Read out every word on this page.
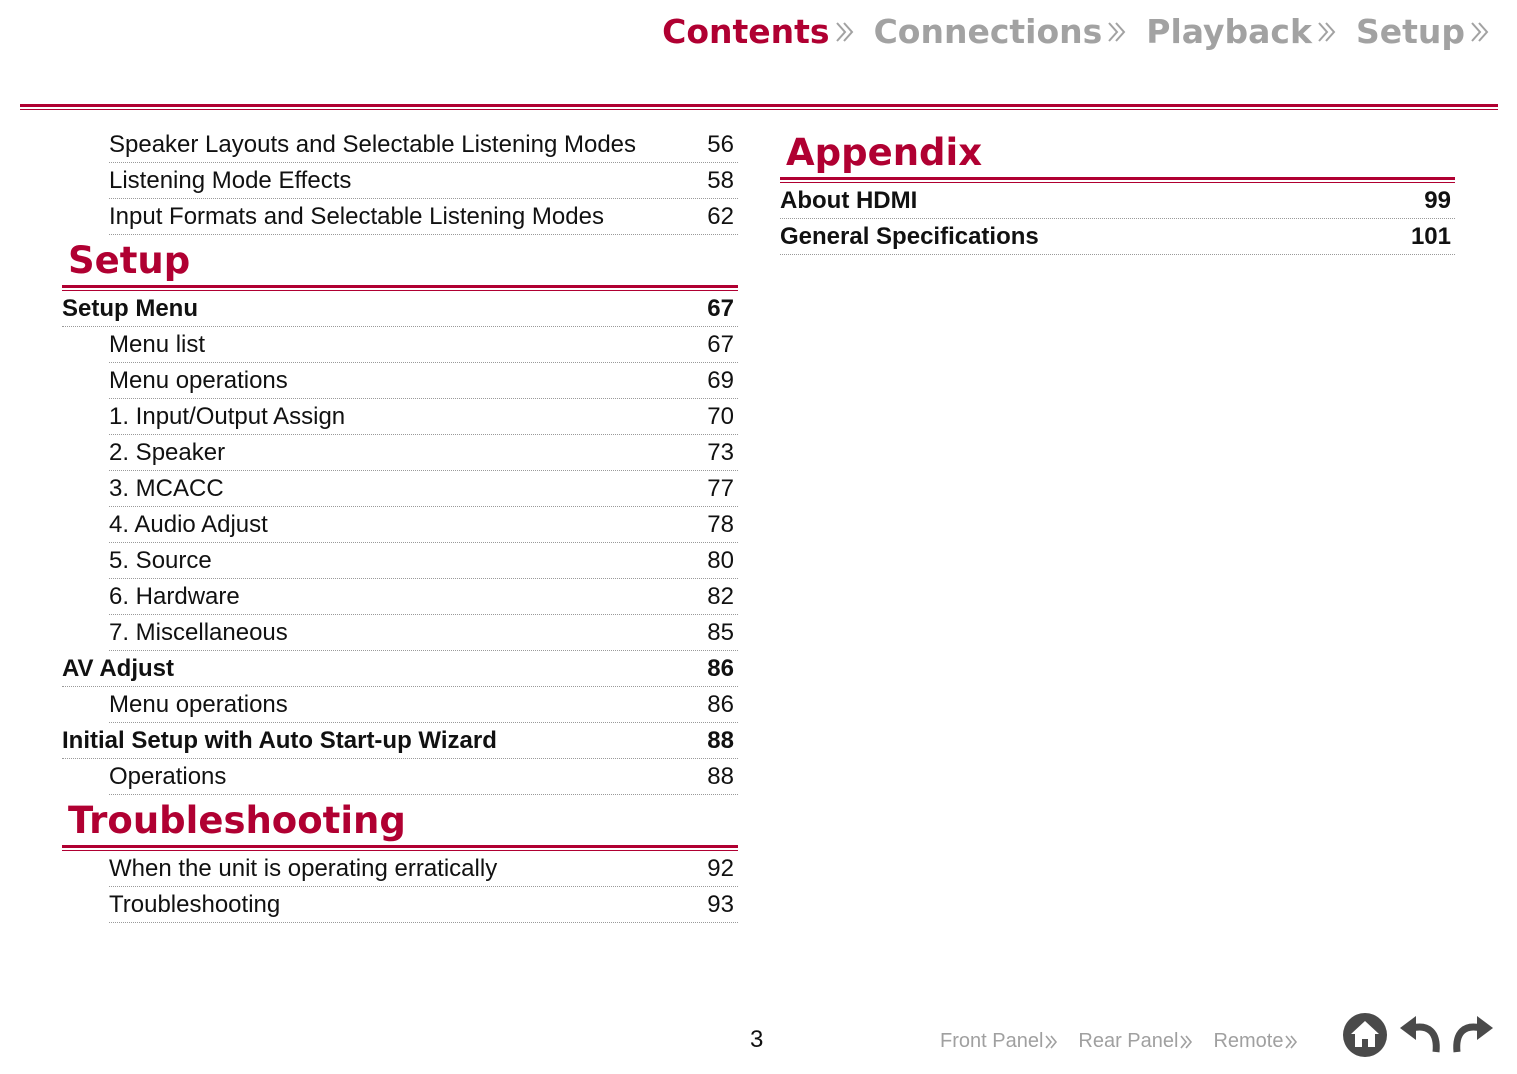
Contents Connections Playback Setup
Speaker Layouts and Selectable Listening Modes	56
Listening Mode Effects	58
Input Formats and Selectable Listening Modes	62
Setup
Setup Menu	67
Menu list	67
Menu operations	69
1. Input/Output Assign	70
2. Speaker	73
3. MCACC	77
4. Audio Adjust	78
5. Source	80
6. Hardware	82
7. Miscellaneous	85
AV Adjust	86
Menu operations	86
Initial Setup with Auto Start-up Wizard	88
Operations	88
Troubleshooting
When the unit is operating erratically	92
Troubleshooting	93
Appendix
About HDMI	99
General Specifications	101
3	Front Panel Rear Panel Remote
